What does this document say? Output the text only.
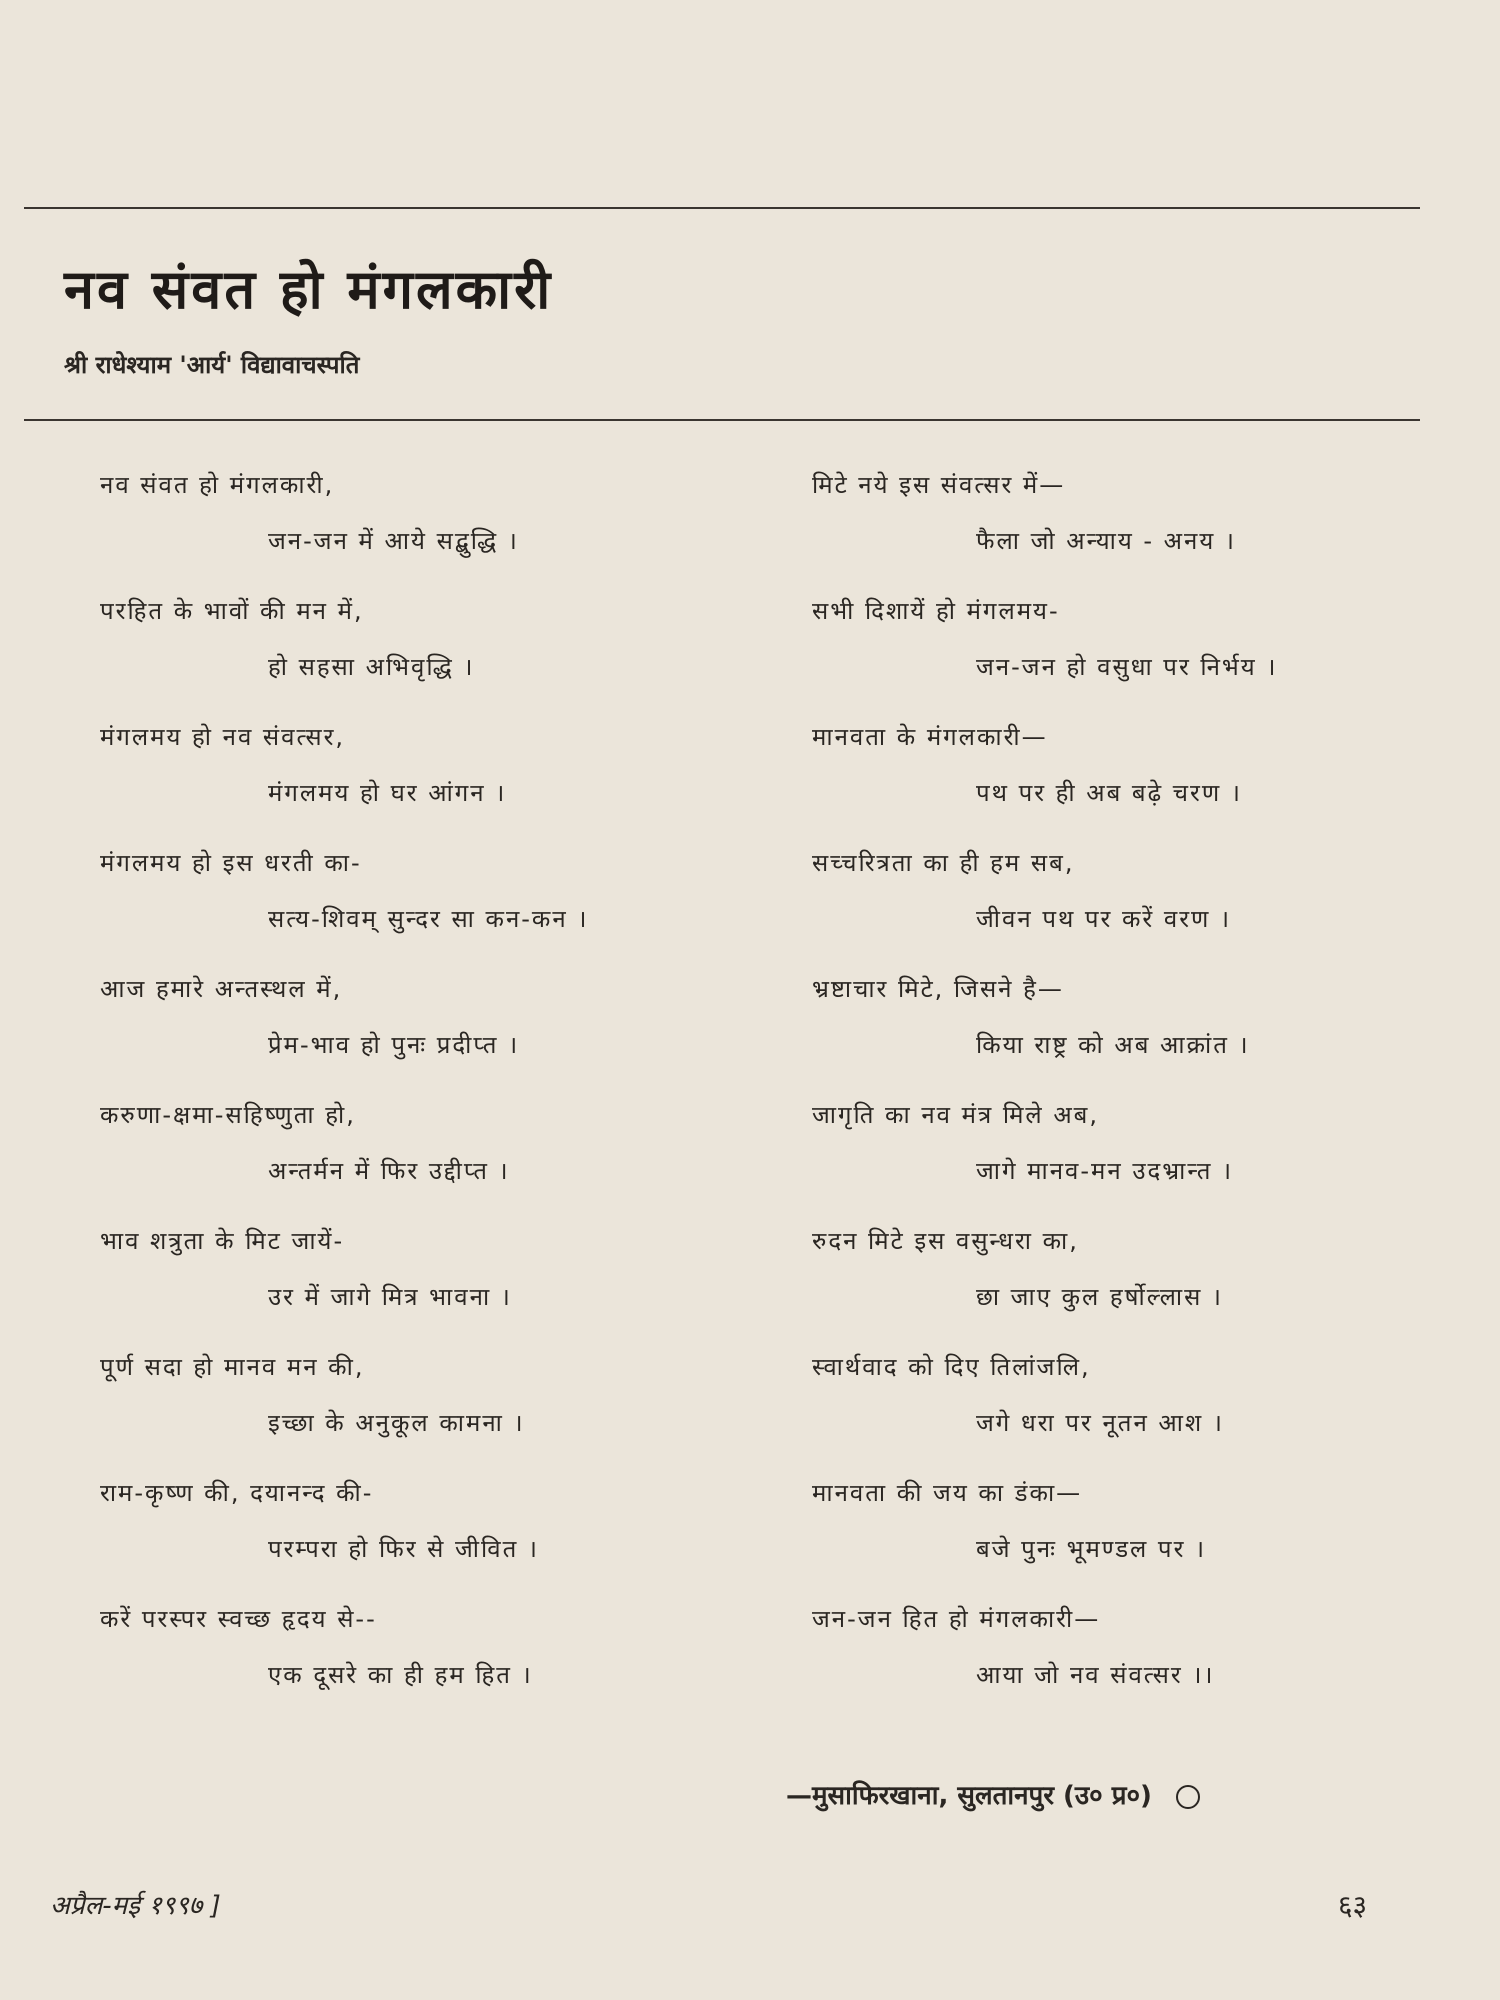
नव संवत हो मंगलकारी
श्री राधेश्याम 'आर्य' विद्यावाचस्पति
नव संवत हो मंगलकारी,
जन-जन में आये सद्बुद्धि ।
परहित के भावों की मन में,
हो सहसा अभिवृद्धि ।
मंगलमय हो नव संवत्सर,
मंगलमय हो घर आंगन ।
मंगलमय हो इस धरती का-
सत्य-शिवम् सुन्दर सा कन-कन ।
आज हमारे अन्तस्थल में,
प्रेम-भाव हो पुनः प्रदीप्त ।
करुणा-क्षमा-सहिष्णुता हो,
अन्तर्मन में फिर उद्दीप्त ।
भाव शत्रुता के मिट जायें-
उर में जागे मित्र भावना ।
पूर्ण सदा हो मानव मन की,
इच्छा के अनुकूल कामना ।
राम-कृष्ण की, दयानन्द की-
परम्परा हो फिर से जीवित ।
करें परस्पर स्वच्छ हृदय से--
एक दूसरे का ही हम हित ।
मिटे नये इस संवत्सर में—
फैला जो अन्याय - अनय ।
सभी दिशायें हो मंगलमय-
जन-जन हो वसुधा पर निर्भय ।
मानवता के मंगलकारी—
पथ पर ही अब बढ़े चरण ।
सच्चरित्रता का ही हम सब,
जीवन पथ पर करें वरण ।
भ्रष्टाचार मिटे, जिसने है—
किया राष्ट्र को अब आक्रांत ।
जागृति का नव मंत्र मिले अब,
जागे मानव-मन उदभ्रान्त ।
रुदन मिटे इस वसुन्धरा का,
छा जाए कुल हर्षोल्लास ।
स्वार्थवाद को दिए तिलांजलि,
जगे धरा पर नूतन आश ।
मानवता की जय का डंका—
बजे पुनः भूमण्डल पर ।
जन-जन हित हो मंगलकारी—
आया जो नव संवत्सर ।।
—मुसाफिरखाना, सुलतानपुर (उ० प्र०)
अप्रैल-मई १९९७ ]	६३
